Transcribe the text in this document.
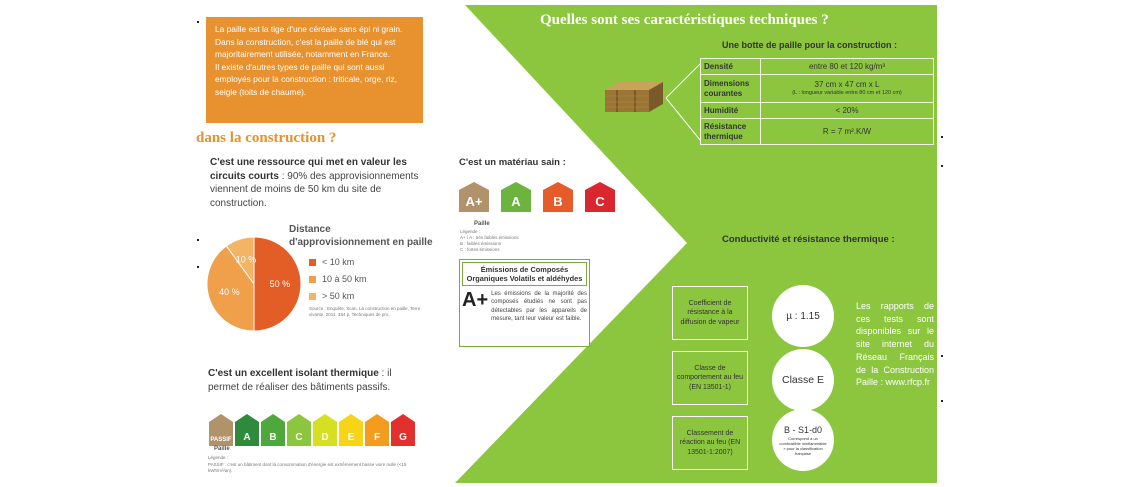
La paille est la tige d'une céréale sans épi ni grain.

Dans la construction, c'est la paille de blé qui est majoritairement utilisée, notamment en France.

Il existe d'autres types de paille qui sont aussi employés pour la construction : triticale, orge, riz, seigle (toits de chaume).

dans la construction ?
C'est une ressource qui met en valeur les circuits courts : 90% des approvisionnements viennent de moins de 50 km du site de construction.
50 %
40 %
10 %
Distance
d'approvisionnement en paille
< 10 km
10 à 50 km
> 50 km
Source : Enquête, Scan. La construction en paille, Terre vivante, 2011, 384 p. Techniques de pro.
C'est un excellent isolant thermique : il permet de réaliser des bâtiments passifs.
PASSIF	A	B	C	D	E	F	G
Paille
Légende :
PASSIF : c'est un bâtiment dont la consommation d'énergie est extrêmement basse voire nulle (<15 kWh/m²/an).
C'est un matériau sain :
A+	A	B	C
Paille
Légende :
A+ / A : très faibles émissions
B : faibles émissions
C : fortes émissions
Émissions de Composés Organiques Volatils et aldéhydes
A+ Les émissions de la majorité des composés étudiés ne sont pas détectables par les appareils de mesure, tant leur valeur est faible.
Quelles sont ses caractéristiques techniques ?
Une botte de paille pour la construction :
Densité	entre 80 et 120 kg/m³
Dimensions courantes	37 cm x 47 cm x L
(L : longueur variable entre 80 cm et 120 cm)

Humidité	< 20%
Résistance thermique	R = 7 m².K/W
Conductivité et résistance thermique :
Coefficient de résistance à la diffusion de vapeur
Classe de comportement au feu (EN 13501-1)
Classement de réaction au feu (EN 13501-1:2007)
µ : 1.15
Classe E
B - S1-d0
Correspond à un combustible ininflammable » pour la classification française
Les rapports de ces tests sont disponibles sur le site internet du Réseau Français de la Construction Paille : www.rfcp.fr
